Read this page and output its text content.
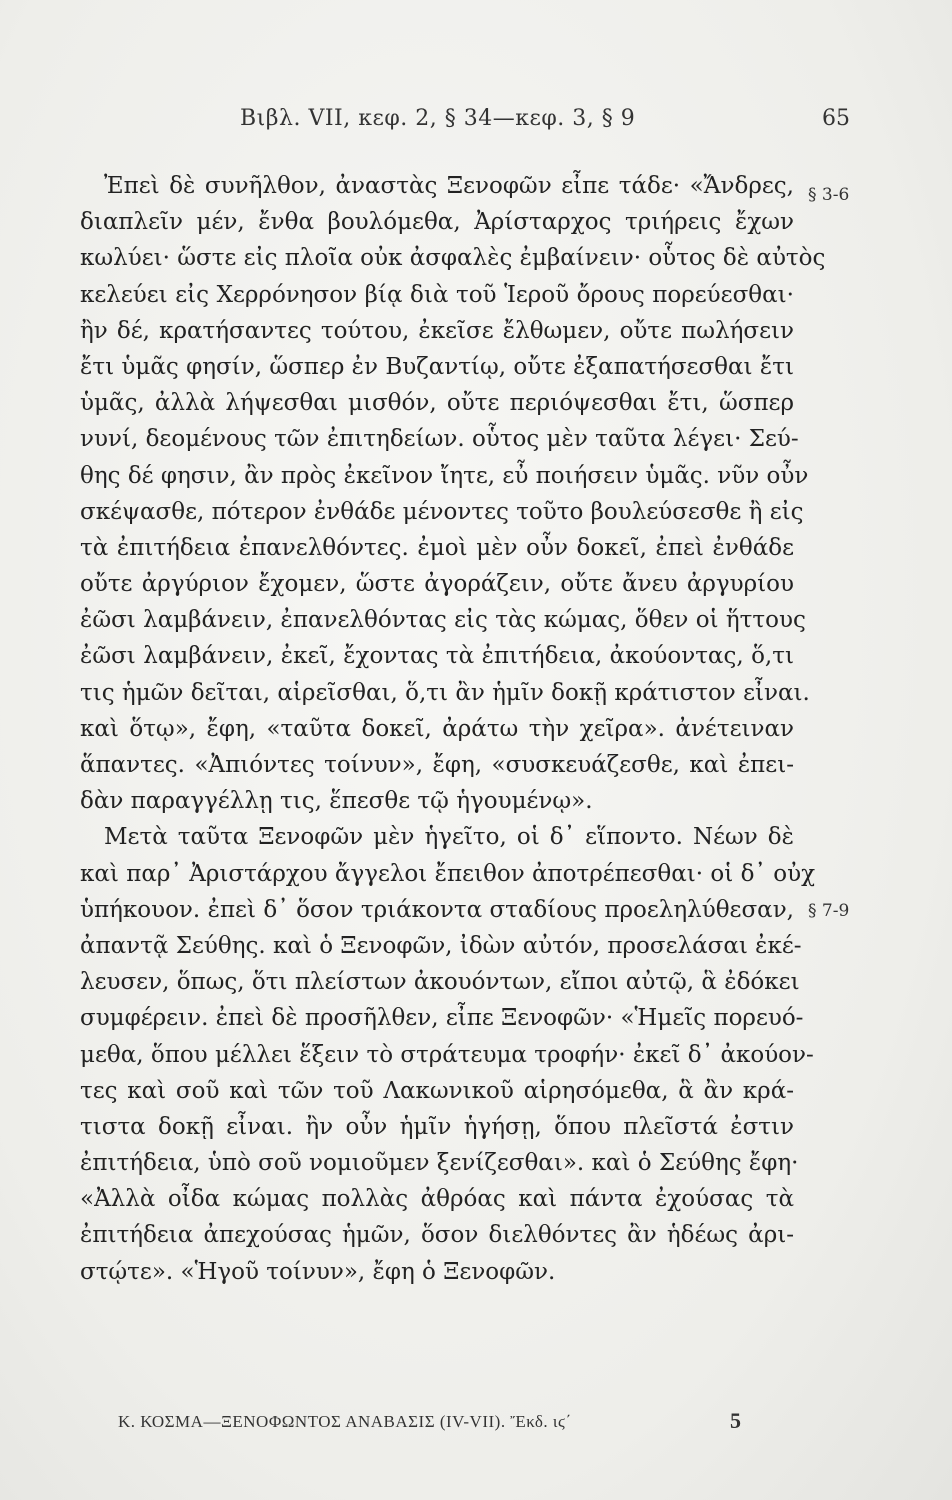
Βιβλ. VII, κεφ. 2, § 34—κεφ. 3, § 9	65
Ἐπεὶ δὲ συνῆλθον, ἀναστὰς Ξενοφῶν εἶπε τάδε· «Ἄνδρες,
διαπλεῖν μέν, ἔνθα βουλόμεθα, Ἀρίσταρχος τριήρεις ἔχων
κωλύει· ὥστε εἰς πλοῖα οὐκ ἀσφαλὲς ἐμβαίνειν· οὗτος δὲ αὐτὸς
κελεύει εἰς Χερρόνησον βίᾳ διὰ τοῦ Ἱεροῦ ὄρους πορεύεσθαι·
ἢν δέ, κρατήσαντες τούτου, ἐκεῖσε ἔλθωμεν, οὔτε πωλήσειν
ἔτι ὑμᾶς φησίν, ὥσπερ ἐν Βυζαντίῳ, οὔτε ἐξαπατήσεσθαι ἔτι
ὑμᾶς, ἀλλὰ λήψεσθαι μισθόν, οὔτε περιόψεσθαι ἔτι, ὥσπερ
νυνί, δεομένους τῶν ἐπιτηδείων. οὗτος μὲν ταῦτα λέγει· Σεύ-
θης δέ φησιν, ἂν πρὸς ἐκεῖνον ἴητε, εὖ ποιήσειν ὑμᾶς. νῦν οὖν
σκέψασθε, πότερον ἐνθάδε μένοντες τοῦτο βουλεύσεσθε ἢ εἰς
τὰ ἐπιτήδεια ἐπανελθόντες. ἐμοὶ μὲν οὖν δοκεῖ, ἐπεὶ ἐνθάδε
οὔτε ἀργύριον ἔχομεν, ὥστε ἀγοράζειν, οὔτε ἄνευ ἀργυρίου
ἐῶσι λαμβάνειν, ἐπανελθόντας εἰς τὰς κώμας, ὅθεν οἱ ἥττους
ἐῶσι λαμβάνειν, ἐκεῖ, ἔχοντας τὰ ἐπιτήδεια, ἀκούοντας, ὅ,τι
τις ἡμῶν δεῖται, αἱρεῖσθαι, ὅ,τι ἂν ἡμῖν δοκῇ κράτιστον εἶναι.
καὶ ὅτῳ», ἔφη, «ταῦτα δοκεῖ, ἀράτω τὴν χεῖρα». ἀνέτειναν
ἅπαντες. «Ἀπιόντες τοίνυν», ἔφη, «συσκευάζεσθε, καὶ ἐπει-
δὰν παραγγέλλῃ τις, ἕπεσθε τῷ ἡγουμένῳ».
Μετὰ ταῦτα Ξενοφῶν μὲν ἡγεῖτο, οἱ δ᾿ εἵποντο. Νέων δὲ
καὶ παρ᾿ Ἀριστάρχου ἄγγελοι ἔπειθον ἀποτρέπεσθαι· οἱ δ᾿ οὐχ
ὑπήκουον. ἐπεὶ δ᾿ ὅσον τριάκοντα σταδίους προεληλύθεσαν,
ἀπαντᾷ Σεύθης. καὶ ὁ Ξενοφῶν, ἰδὼν αὐτόν, προσελάσαι ἐκέ-
λευσεν, ὅπως, ὅτι πλείστων ἀκουόντων, εἴποι αὐτῷ, ἃ ἐδόκει
συμφέρειν. ἐπεὶ δὲ προσῆλθεν, εἶπε Ξενοφῶν· «Ἡμεῖς πορευό-
μεθα, ὅπου μέλλει ἕξειν τὸ στράτευμα τροφήν· ἐκεῖ δ᾿ ἀκούον-
τες καὶ σοῦ καὶ τῶν τοῦ Λακωνικοῦ αἱρησόμεθα, ἃ ἂν κρά-
τιστα δοκῇ εἶναι. ἢν οὖν ἡμῖν ἡγήσῃ, ὅπου πλεῖστά ἐστιν
ἐπιτήδεια, ὑπὸ σοῦ νομιοῦμεν ξενίζεσθαι». καὶ ὁ Σεύθης ἔφη·
«Ἀλλὰ οἶδα κώμας πολλὰς ἀθρόας καὶ πάντα ἐχούσας τὰ
ἐπιτήδεια ἀπεχούσας ἡμῶν, ὅσον διελθόντες ἂν ἡδέως ἀρι-
στῴτε». «Ἡγοῦ τοίνυν», ἔφη ὁ Ξενοφῶν.
§ 3-6
§ 7-9
Κ. ΚΟΣΜΑ—ΞΕΝΟΦΩΝΤΟΣ ΑΝΑΒΑΣΙΣ (IV-VII). Ἔκδ. ιϛ΄	5
